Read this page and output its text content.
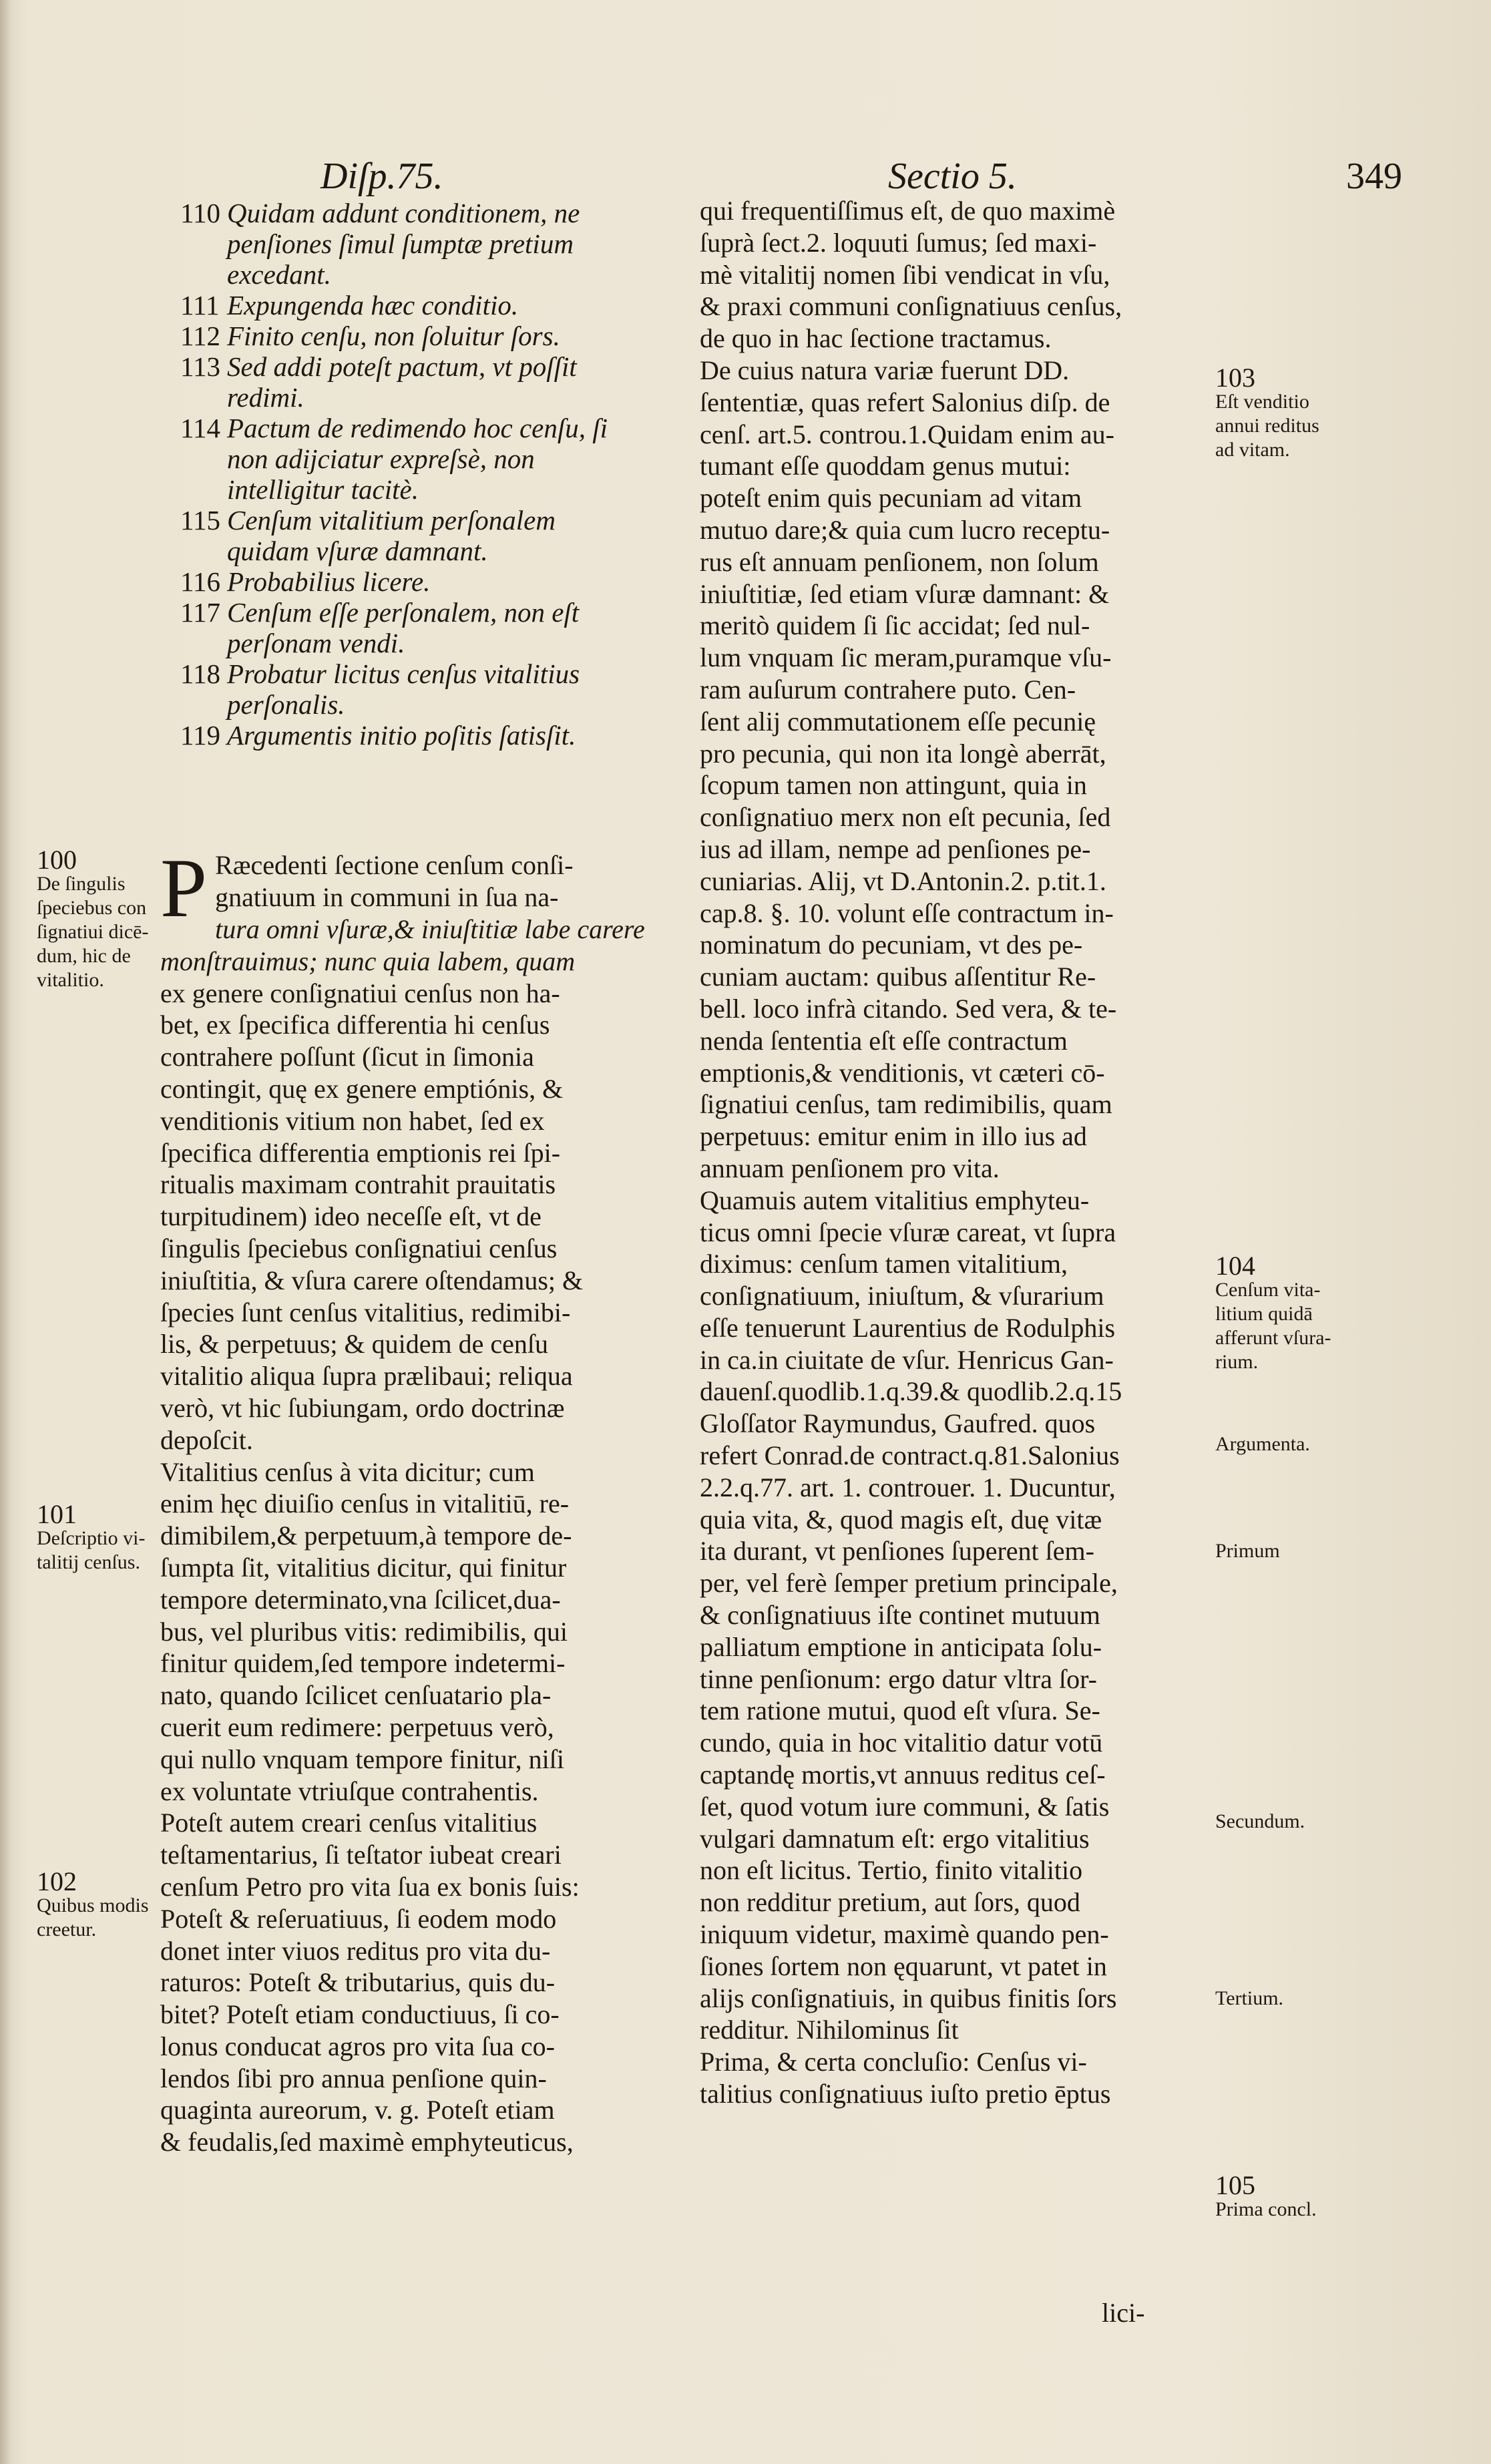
Diſp.75.	Sectio 5.	349
110 Quidam addunt conditionem, ne
penſiones ſimul ſumptæ pretium
excedant.
111 Expungenda hæc conditio.
112 Finito cenſu, non ſoluitur ſors.
113 Sed addi poteſt pactum, vt poſſit
redimi.
114 Pactum de redimendo hoc cenſu, ſi
non adijciatur expreſsè, non
intelligitur tacitè.
115 Cenſum vitalitium perſonalem
quidam vſuræ damnant.
116 Probabilius licere.
117 Cenſum eſſe perſonalem, non eſt
perſonam vendi.
118 Probatur licitus cenſus vitalitius
perſonalis.
119 Argumentis initio poſitis ſatisſit.
P Ræcedenti ſectione cenſum conſi-
gnatiuum in communi in ſua na-
tura omni vſuræ,& iniuſtitiæ labe carere
monſtrauimus; nunc quia labem, quam
ex genere conſignatiui cenſus non ha-
bet, ex ſpecifica differentia hi cenſus
contrahere poſſunt (ſicut in ſimonia
contingit, quę ex genere emptiónis, &
venditionis vitium non habet, ſed ex
ſpecifica differentia emptionis rei ſpi-
ritualis maximam contrahit prauitatis
turpitudinem) ideo neceſſe eſt, vt de
ſingulis ſpeciebus conſignatiui cenſus
iniuſtitia, & vſura carere oſtendamus; &
ſpecies ſunt cenſus vitalitius, redimibi-
lis, & perpetuus; & quidem de cenſu
vitalitio aliqua ſupra prælibaui; reliqua
verò, vt hic ſubiungam, ordo doctrinæ
depoſcit.
Vitalitius cenſus à vita dicitur; cum
enim hęc diuiſio cenſus in vitalitiū, re-
dimibilem,& perpetuum,à tempore de-
ſumpta ſit, vitalitius dicitur, qui finitur
tempore determinato,vna ſcilicet,dua-
bus, vel pluribus vitis: redimibilis, qui
finitur quidem,ſed tempore indetermi-
nato, quando ſcilicet cenſuatario pla-
cuerit eum redimere: perpetuus verò,
qui nullo vnquam tempore finitur, niſi
ex voluntate vtriuſque contrahentis.
Poteſt autem creari cenſus vitalitius
teſtamentarius, ſi teſtator iubeat creari
cenſum Petro pro vita ſua ex bonis ſuis:
Poteſt & reſeruatiuus, ſi eodem modo
donet inter viuos reditus pro vita du-
raturos: Poteſt & tributarius, quis du-
bitet? Poteſt etiam conductiuus, ſi co-
lonus conducat agros pro vita ſua co-
lendos ſibi pro annua penſione quin-
quaginta aureorum, v. g. Poteſt etiam
& feudalis,ſed maximè emphyteuticus,
qui frequentiſſimus eſt, de quo maximè
ſuprà ſect.2. loquuti ſumus; ſed maxi-
mè vitalitij nomen ſibi vendicat in vſu,
& praxi communi conſignatiuus cenſus,
de quo in hac ſectione tractamus.
De cuius natura variæ fuerunt DD.
ſententiæ, quas refert Salonius diſp. de
cenſ. art.5. controu.1.Quidam enim au-
tumant eſſe quoddam genus mutui:
poteſt enim quis pecuniam ad vitam
mutuo dare;& quia cum lucro receptu-
rus eſt annuam penſionem, non ſolum
iniuſtitiæ, ſed etiam vſuræ damnant: &
meritò quidem ſi ſic accidat; ſed nul-
lum vnquam ſic meram,puramque vſu-
ram auſurum contrahere puto. Cen-
ſent alij commutationem eſſe pecunię
pro pecunia, qui non ita longè aberrāt,
ſcopum tamen non attingunt, quia in
conſignatiuo merx non eſt pecunia, ſed
ius ad illam, nempe ad penſiones pe-
cuniarias. Alij, vt D.Antonin.2. p.tit.1.
cap.8. §. 10. volunt eſſe contractum in-
nominatum do pecuniam, vt des pe-
cuniam auctam: quibus aſſentitur Re-
bell. loco infrà citando. Sed vera, & te-
nenda ſententia eſt eſſe contractum
emptionis,& venditionis, vt cæteri cō-
ſignatiui cenſus, tam redimibilis, quam
perpetuus: emitur enim in illo ius ad
annuam penſionem pro vita.
Quamuis autem vitalitius emphyteu-
ticus omni ſpecie vſuræ careat, vt ſupra
diximus: cenſum tamen vitalitium,
conſignatiuum, iniuſtum, & vſurarium
eſſe tenuerunt Laurentius de Rodulphis
in ca.in ciuitate de vſur. Henricus Gan-
dauenſ.quodlib.1.q.39.& quodlib.2.q.15
Gloſſator Raymundus, Gaufred. quos
refert Conrad.de contract.q.81.Salonius
2.2.q.77. art. 1. controuer. 1. Ducuntur,
quia vita, &, quod magis eſt, duę vitæ
ita durant, vt penſiones ſuperent ſem-
per, vel ferè ſemper pretium principale,
& conſignatiuus iſte continet mutuum
palliatum emptione in anticipata ſolu-
tinne penſionum: ergo datur vltra ſor-
tem ratione mutui, quod eſt vſura. Se-
cundo, quia in hoc vitalitio datur votū
captandę mortis,vt annuus reditus ceſ-
ſet, quod votum iure communi, & ſatis
vulgari damnatum eſt: ergo vitalitius
non eſt licitus. Tertio, finito vitalitio
non redditur pretium, aut ſors, quod
iniquum videtur, maximè quando pen-
ſiones ſortem non ęquarunt, vt patet in
alijs conſignatiuis, in quibus finitis ſors
redditur. Nihilominus ſit
Prima, & certa concluſio: Cenſus vi-
talitius conſignatiuus iuſto pretio ēptus
100
De ſingulis
ſpeciebus con
ſignatiui dicē-
dum, hic de
vitalitio.
101
Deſcriptio vi-
talitij cenſus.
102
Quibus modis
creetur.
103
Eſt venditio
annui reditus
ad vitam.
104
Cenſum vita-
litium quidā
afferunt vſura-
rium.
Argumenta.
Primum
Secundum.
Tertium.
105
Prima concl.
lici-
